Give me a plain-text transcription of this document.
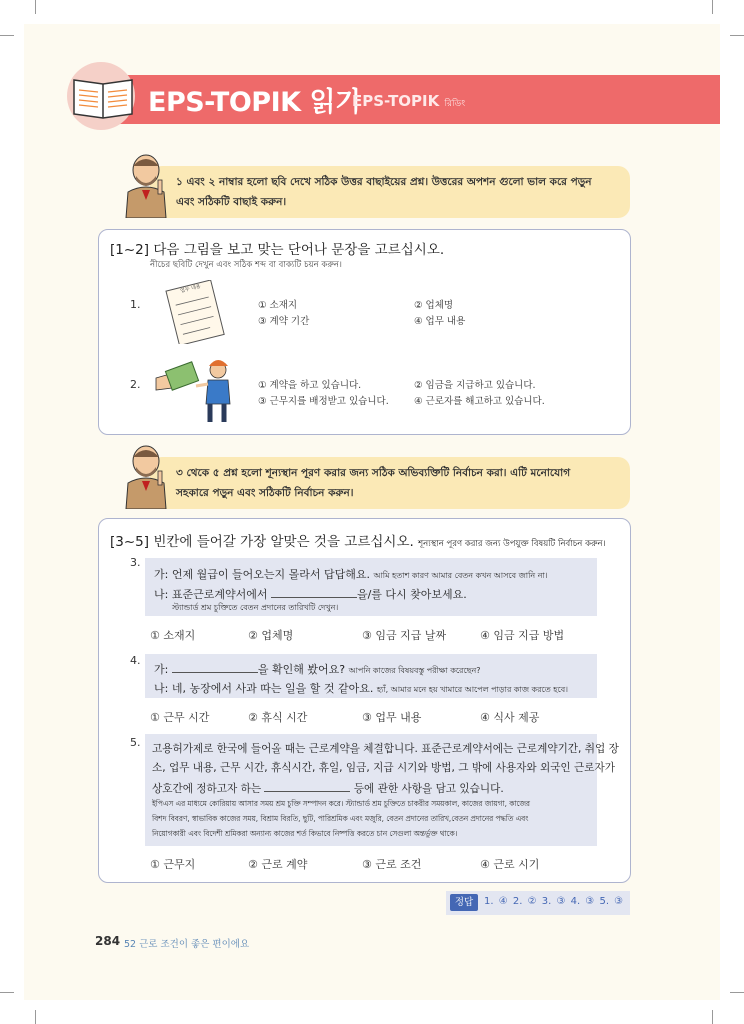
EPS-TOPIK 읽기
EPS-TOPIK রিডিং
১ এবং ২ নাম্বার হলো ছবি দেখে সঠিক উত্তর বাছাইয়ের প্রশ্ন। উত্তরের অপশন গুলো ভাল করে পড়ুন
এবং সঠিকটি বাছাই করুন।
[1~2] 다음 그림을 보고 맞는 단어나 문장을 고르십시오.
নীচের ছবিটি দেখুন এবং সঠিক শব্দ বা বাক্যটি চয়ন করুন।
1.
업무 내용
① 소재지	② 업체명
③ 계약 기간	④ 업무 내용
2.	① 계약을 하고 있습니다.	② 임금을 지급하고 있습니다.
③ 근무지를 배정받고 있습니다.	④ 근로자를 해고하고 있습니다.
৩ থেকে ৫ প্রশ্ন হলো শূন্যস্থান পূরণ করার জন্য সঠিক অভিব্যক্তিটি নির্বাচন করা। এটি মনোযোগ
সহকারে পড়ুন এবং সঠিকটি নির্বাচন করুন।
[3~5] 빈칸에 들어갈 가장 알맞은 것을 고르십시오. শূন্যস্থান পূরণ করার জন্য উপযুক্ত বিষয়টি নির্বাচন করুন।
3.
가: 언제 월급이 들어오는지 몰라서 답답해요. আমি হতাশ কারণ আমার বেতন কখন আসবে জানি না।
나: 표준근로계약서에서	을/를 다시 찾아보세요.
স্ট্যান্ডার্ড শ্রম চুক্তিতে বেতন প্রদানের তারিখটি দেখুন।
① 소재지	② 업체명	③ 임금 지급 날짜	④ 임금 지급 방법
4.
가:	을 확인해 봤어요? আপনি কাজের বিষয়বস্তু পরীক্ষা করেছেন?
나: 네, 농장에서 사과 따는 일을 할 것 같아요. হ্যাঁ, আমার মনে হয় খামারে আপেল পাড়ার কাজ করতে হবে।
① 근무 시간	② 휴식 시간	③ 업무 내용	④ 식사 제공
5. 고용허가제로 한국에 들어올 때는 근로계약을 체결합니다. 표준근로계약서에는 근로계약기간, 취업 장
소, 업무 내용, 근무 시간, 휴식시간, 휴일, 임금, 지급 시기와 방법, 그 밖에 사용자와 외국인 근로자가
상호간에 정하고자 하는	등에 관한 사항을 담고 있습니다.
ইপিএস এর মাধ্যমে কোরিয়ায় আসার সময় শ্রম চুক্তি সম্পাদন করে। স্ট্যান্ডার্ড শ্রম চুক্তিতে চাকরীর সময়কাল, কাজের জায়গা, কাজের
বিশদ বিবরণ, স্বাভাবিক কাজের সময়, বিশ্রাম বিরতি, ছুটি, পারিশ্রমিক এবং মজুরি, বেতন প্রদানের তারিখ,বেতন প্রদানের পদ্ধতি এবং
নিয়োগকারী এবং বিদেশী শ্রমিকরা অন্যান্য কাজের শর্ত কিভাবে নিষ্পত্তি করতে চান সেগুলা অন্তর্ভুক্ত থাকে।
① 근무지	② 근로 계약	③ 근로 조건	④ 근로 시기
정답	1. ④ 2. ② 3. ③ 4. ③ 5. ③
284 52 근로 조건이 좋은 편이에요
